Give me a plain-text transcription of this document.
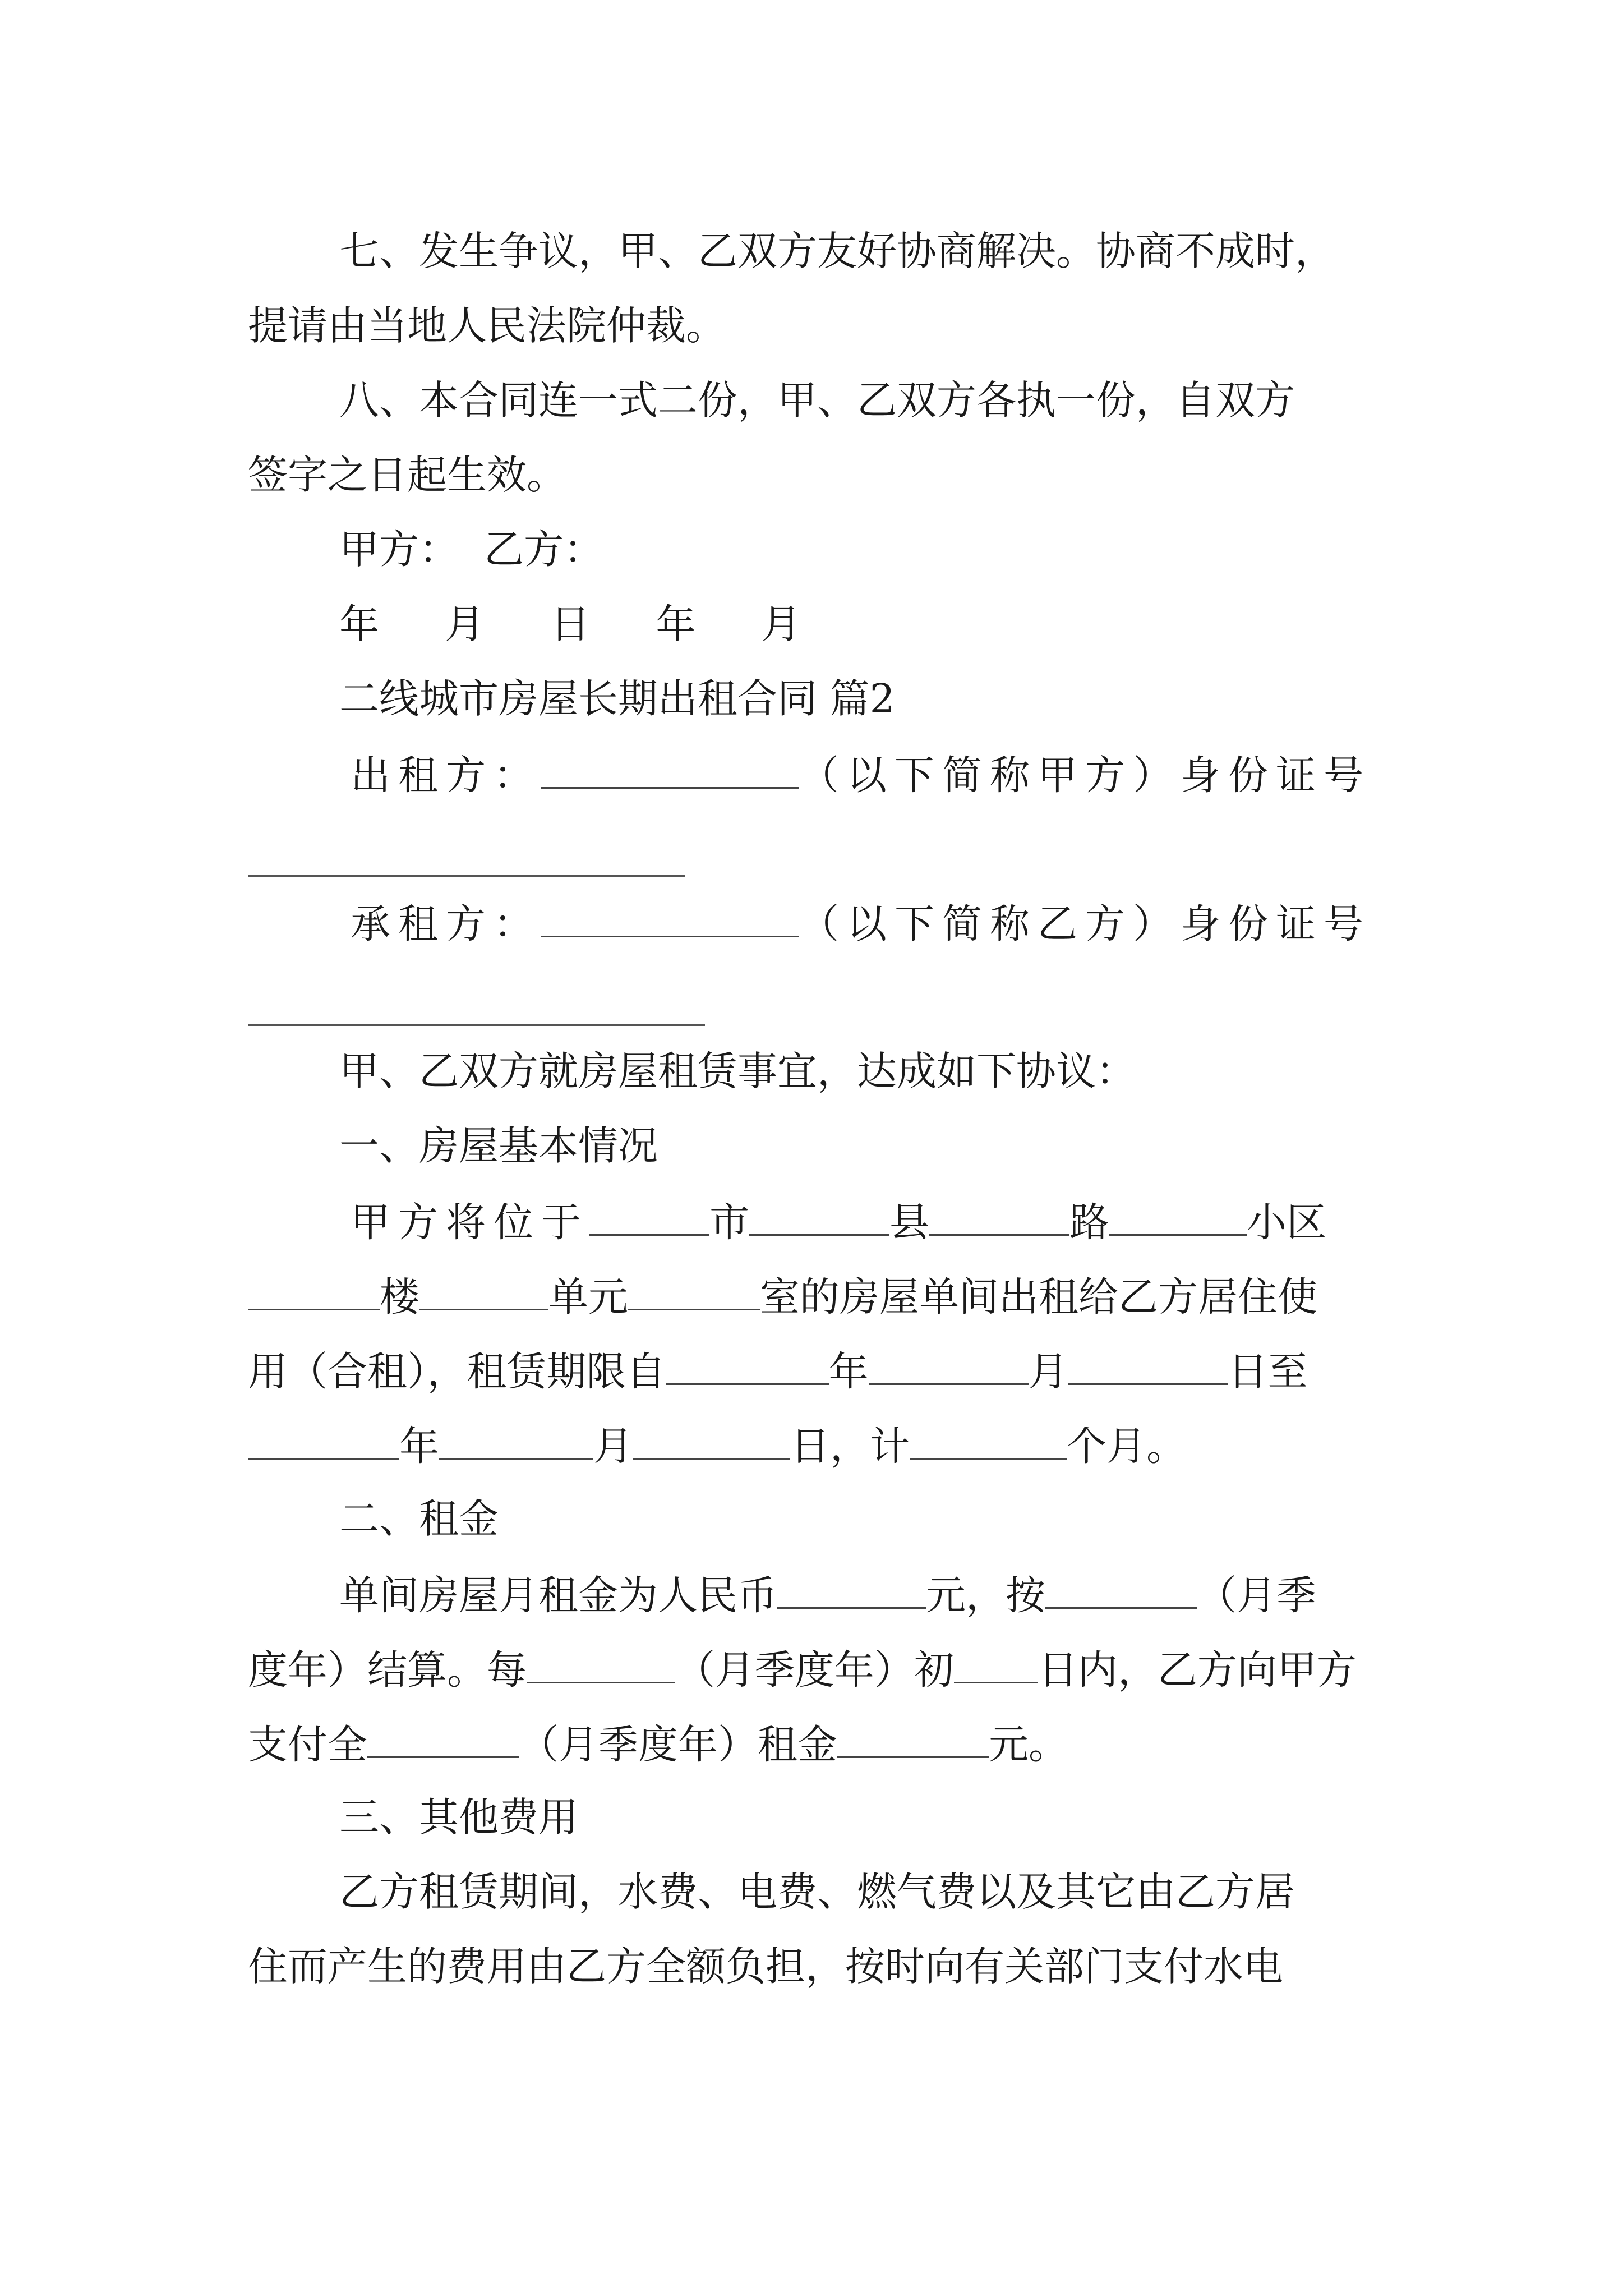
七、发生争议，甲、乙双方友好协商解决。协商不成时，
提请由当地人民法院仲裁。
八、本合同连一式二份，甲、乙双方各执一份，自双方
签字之日起生效。
甲方：  乙方：
年  月  日  年  月
二线城市房屋长期出租合同 篇2
出租方：	（以下简称甲方）身份证号
承租方：	（以下简称乙方）身份证号
甲、乙双方就房屋租赁事宜，达成如下协议：
一、房屋基本情况
甲方将位于	市	县	路	小区
楼	单元	室的房屋单间出租给乙方居住使
用（合租），租赁期限自	年	月	日至
年	月	日，计	个月。
二、租金
单间房屋月租金为人民币	元，按	（月季
度年）结算。每	（月季度年）初 日内，乙方向甲方
支付全	（月季度年）租金	元。
三、其他费用
乙方租赁期间，水费、电费、燃气费以及其它由乙方居
住而产生的费用由乙方全额负担，按时向有关部门支付水电
